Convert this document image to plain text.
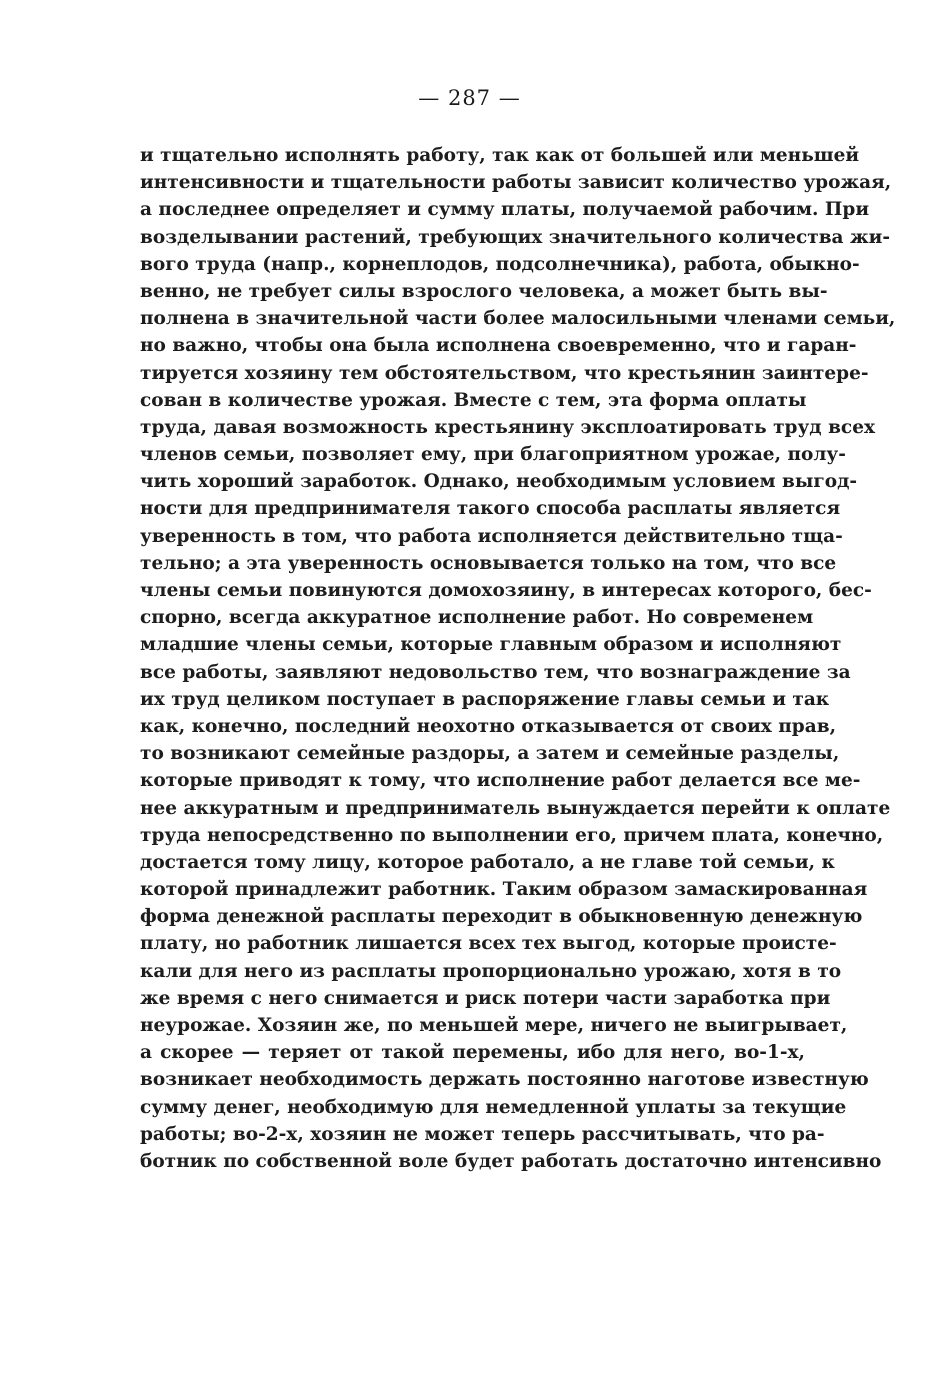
— 287 —
и тщательно исполнять работу, так как от большей или меньшей
интенсивности и тщательности работы зависит количество урожая,
а последнее определяет и сумму платы, получаемой рабочим. При
возделывании растений, требующих значительного количества жи-
вого труда (напр., корнеплодов, подсолнечника), работа, обыкно-
венно, не требует силы взрослого человека, а может быть вы-
полнена в значительной части более малосильными членами семьи,
но важно, чтобы она была исполнена своевременно, что и гаран-
тируется хозяину тем обстоятельством, что крестьянин заинтере-
сован в количестве урожая. Вместе с тем, эта форма оплаты
труда, давая возможность крестьянину эксплоатировать труд всех
членов семьи, позволяет ему, при благоприятном урожае, полу-
чить хороший заработок. Однако, необходимым условием выгод-
ности для предпринимателя такого способа расплаты является
уверенность в том, что работа исполняется действительно тща-
тельно; а эта уверенность основывается только на том, что все
члены семьи повинуются домохозяину, в интересах которого, бес-
спорно, всегда аккуратное исполнение работ. Но современем
младшие члены семьи, которые главным образом и исполняют
все работы, заявляют недовольство тем, что вознаграждение за
их труд целиком поступает в распоряжение главы семьи и так
как, конечно, последний неохотно отказывается от своих прав,
то возникают семейные раздоры, а затем и семейные разделы,
которые приводят к тому, что исполнение работ делается все ме-
нее аккуратным и предприниматель вынуждается перейти к оплате
труда непосредственно по выполнении его, причем плата, конечно,
достается тому лицу, которое работало, а не главе той семьи, к
которой принадлежит работник. Таким образом замаскированная
форма денежной расплаты переходит в обыкновенную денежную
плату, но работник лишается всех тех выгод, которые происте-
кали для него из расплаты пропорционально урожаю, хотя в то
же время с него снимается и риск потери части заработка при
неурожае. Хозяин же, по меньшей мере, ничего не выигрывает,
а скорее — теряет от такой перемены, ибо для него, во-1-х,
возникает необходимость держать постоянно наготове известную
сумму денег, необходимую для немедленной уплаты за текущие
работы; во-2-х, хозяин не может теперь рассчитывать, что ра-
ботник по собственной воле будет работать достаточно интенсивно
